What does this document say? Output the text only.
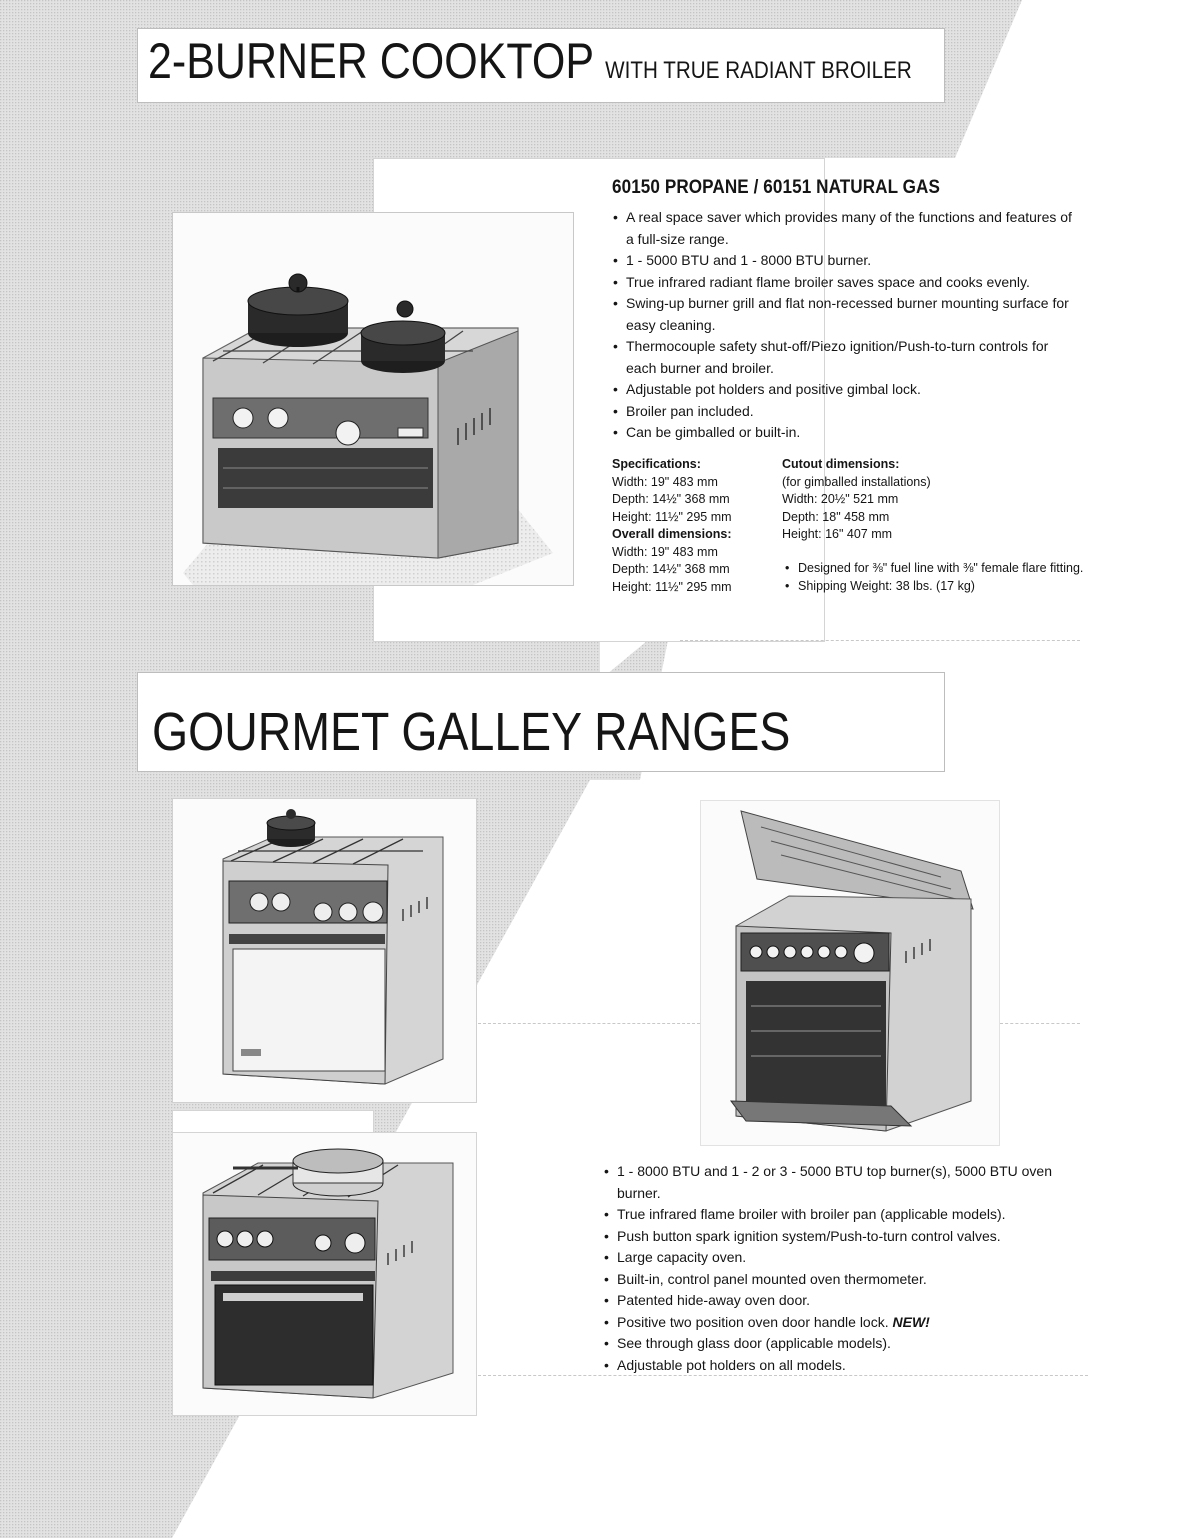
2-BURNER COOKTOP WITH TRUE RADIANT BROILER
60150 PROPANE / 60151 NATURAL GAS
• A real space saver which provides many of the functions and features of a full-size range.
• 1 - 5000 BTU and 1 - 8000 BTU burner.
• True infrared radiant flame broiler saves space and cooks evenly.
• Swing-up burner grill and flat non-recessed burner mounting surface for easy cleaning.
• Thermocouple safety shut-off/Piezo ignition/Push-to-turn controls for each burner and broiler.
• Adjustable pot holders and positive gimbal lock.
• Broiler pan included.
• Can be gimballed or built-in.
Specifications:
Width: 19" 483 mm
Depth: 14½" 368 mm
Height: 11½" 295 mm
Overall dimensions:
Width: 19" 483 mm
Depth: 14½" 368 mm
Height: 11½" 295 mm
Cutout dimensions:
(for gimballed installations)
Width: 20½" 521 mm
Depth: 18" 458 mm
Height: 16" 407 mm
• Designed for ⅜" fuel line with ⅜" female flare fitting.
• Shipping Weight: 38 lbs. (17 kg)
GOURMET GALLEY RANGES
• 1 - 8000 BTU and 1 - 2 or 3 - 5000 BTU top burner(s), 5000 BTU oven burner.
• True infrared flame broiler with broiler pan (applicable models).
• Push button spark ignition system/Push-to-turn control valves.
• Large capacity oven.
• Built-in, control panel mounted oven thermometer.
• Patented hide-away oven door.
• Positive two position oven door handle lock. NEW!
• See through glass door (applicable models).
• Adjustable pot holders on all models.
